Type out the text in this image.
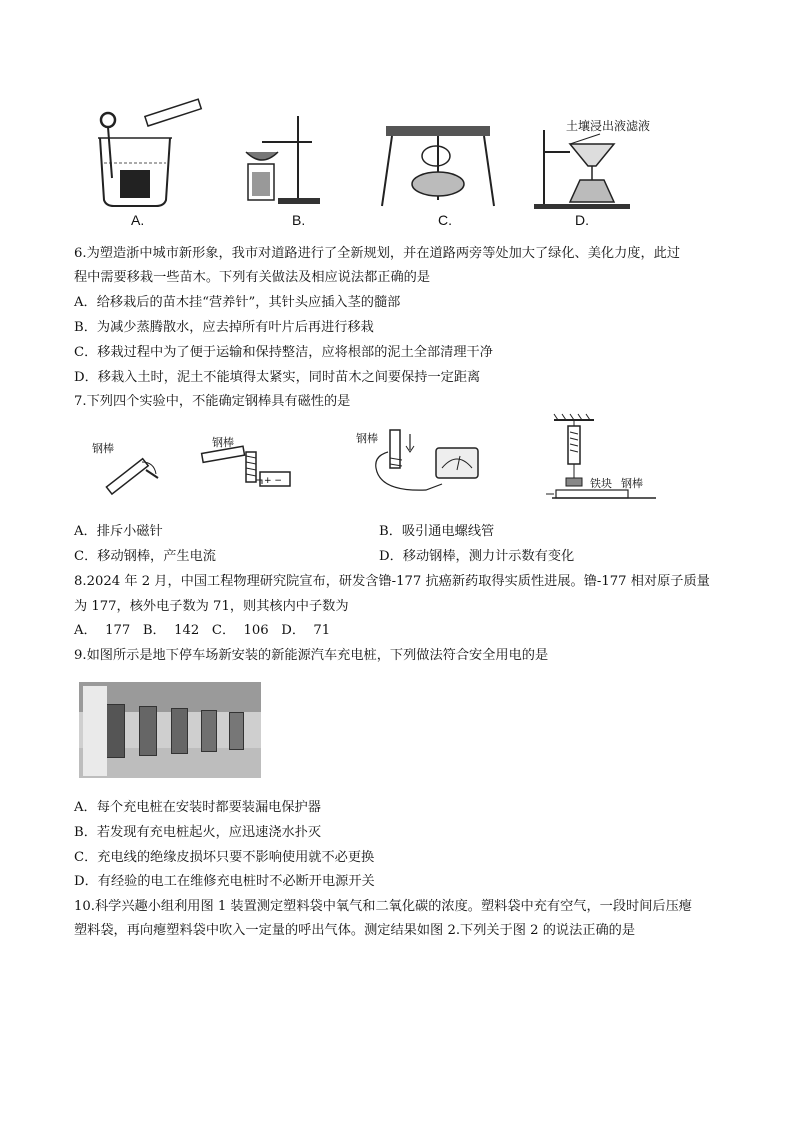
A.	B.	C.
土壤浸出液滤液
D.
6.为塑造浙中城市新形象，我市对道路进行了全新规划，并在道路两旁等处加大了绿化、美化力度，此过
程中需要移栽一些苗木。下列有关做法及相应说法都正确的是
A．给移栽后的苗木挂“营养针”，其针头应插入茎的髓部
B．为减少蒸腾散水，应去掉所有叶片后再进行移栽
C．移栽过程中为了便于运输和保持整洁，应将根部的泥土全部清理干净
D．移栽入土时，泥土不能填得太紧实，同时苗木之间要保持一定距离
7.下列四个实验中，不能确定钢棒具有磁性的是
钢棒	钢棒
+ −
钢棒
铁块 钢棒
A．排斥小磁针	B．吸引通电螺线管
C．移动钢棒，产生电流	D．移动钢棒，测力计示数有变化
8.2024 年 2 月，中国工程物理研究院宣布，研发含镥-177 抗癌新药取得实质性进展。镥-177 相对原子质量
为 177，核外电子数为 71，则其核内中子数为
A．  177   B．  142   C．  106   D．  71
9.如图所示是地下停车场新安装的新能源汽车充电桩，下列做法符合安全用电的是
A．每个充电桩在安装时都要装漏电保护器
B．若发现有充电桩起火，应迅速浇水扑灭
C．充电线的绝缘皮损坏只要不影响使用就不必更换
D．有经验的电工在维修充电桩时不必断开电源开关
10.科学兴趣小组利用图 1 装置测定塑料袋中氧气和二氧化碳的浓度。塑料袋中充有空气，一段时间后压瘪
塑料袋，再向瘪塑料袋中吹入一定量的呼出气体。测定结果如图 2.下列关于图 2 的说法正确的是
